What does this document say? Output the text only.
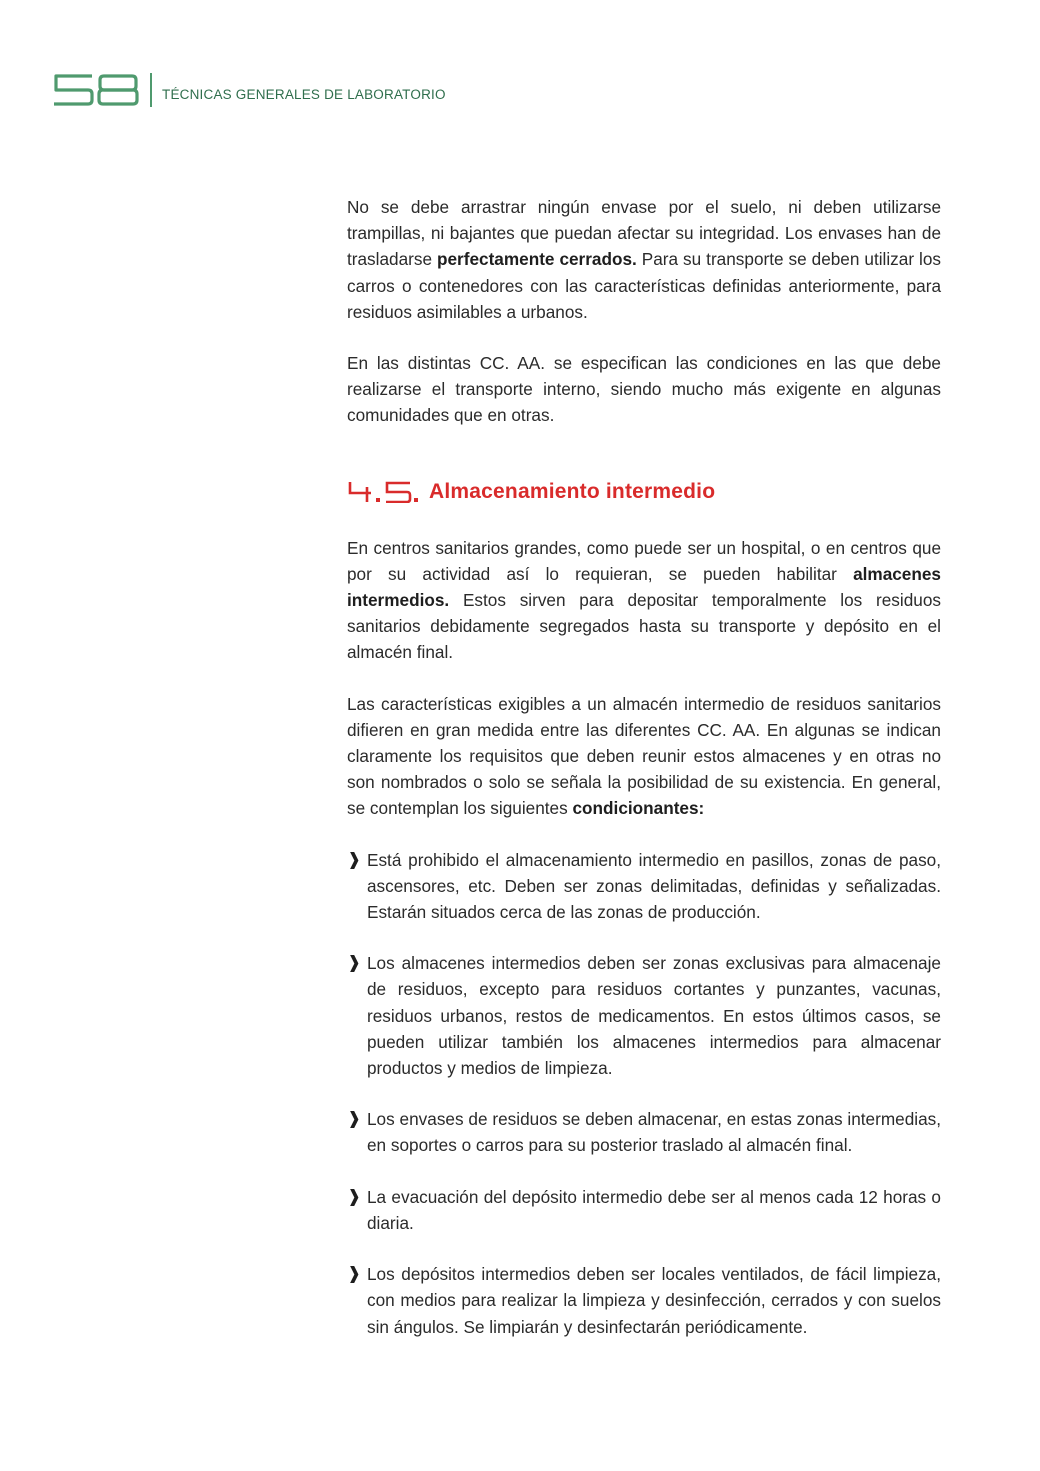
TÉCNICAS GENERALES DE LABORATORIO

No se debe arrastrar ningún envase por el suelo, ni deben utilizarse trampillas, ni bajantes que puedan afectar su integridad. Los envases han de trasladarse perfectamente cerrados. Para su transporte se deben utilizar los carros o contenedores con las características definidas anteriormente, para residuos asimilables a urbanos.

En las distintas CC. AA. se especifican las condiciones en las que debe realizarse el transporte interno, siendo mucho más exigente en algunas comunidades que en otras.

Almacenamiento intermedio

En centros sanitarios grandes, como puede ser un hospital, o en centros que por su actividad así lo requieran, se pueden habilitar almacenes intermedios. Estos sirven para depositar temporalmente los residuos sanitarios debidamente segregados hasta su transporte y depósito en el almacén final.

Las características exigibles a un almacén intermedio de residuos sanitarios difieren en gran medida entre las diferentes CC. AA. En algunas se indican claramente los requisitos que deben reunir estos almacenes y en otras no son nombrados o solo se señala la posibilidad de su existencia. En general, se contemplan los siguientes condicionantes:

❱ Está prohibido el almacenamiento intermedio en pasillos, zonas de paso, ascensores, etc. Deben ser zonas delimitadas, definidas y señalizadas. Estarán situados cerca de las zonas de producción.
❱ Los almacenes intermedios deben ser zonas exclusivas para almacenaje de residuos, excepto para residuos cortantes y punzantes, vacunas, residuos urbanos, restos de medicamentos. En estos últimos casos, se pueden utilizar también los almacenes intermedios para almacenar productos y medios de limpieza.
❱ Los envases de residuos se deben almacenar, en estas zonas intermedias, en soportes o carros para su posterior traslado al almacén final.
❱ La evacuación del depósito intermedio debe ser al menos cada 12 horas o diaria.
❱ Los depósitos intermedios deben ser locales ventilados, de fácil limpieza, con medios para realizar la limpieza y desinfección, cerrados y con suelos sin ángulos. Se limpiarán y desinfectarán periódicamente.
